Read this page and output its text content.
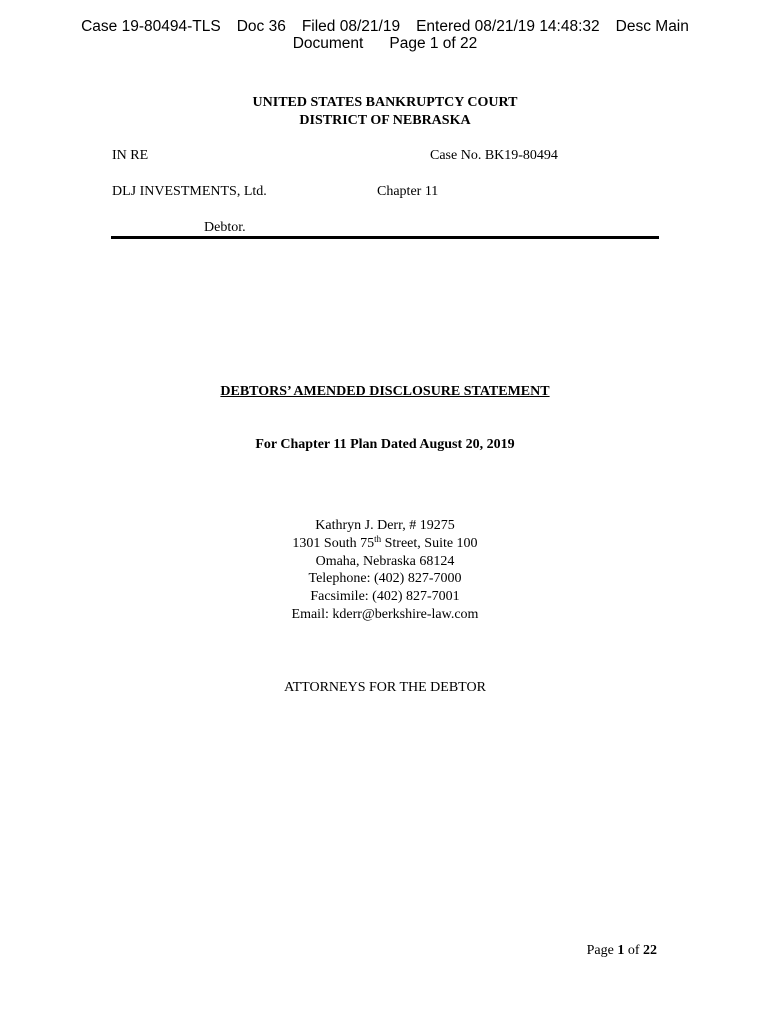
Case 19-80494-TLS Doc 36 Filed 08/21/19 Entered 08/21/19 14:48:32 Desc Main
Document Page 1 of 22
UNITED STATES BANKRUPTCY COURT
DISTRICT OF NEBRASKA
IN RE	Case No. BK19-80494
DLJ INVESTMENTS, Ltd.	Chapter 11
Debtor.
DEBTORS’ AMENDED DISCLOSURE STATEMENT
For Chapter 11 Plan Dated August 20, 2019
Kathryn J. Derr, # 19275
1301 South 75th Street, Suite 100
Omaha, Nebraska 68124
Telephone: (402) 827-7000
Facsimile: (402) 827-7001
Email: kderr@berkshire-law.com
ATTORNEYS FOR THE DEBTOR
Page 1 of 22
